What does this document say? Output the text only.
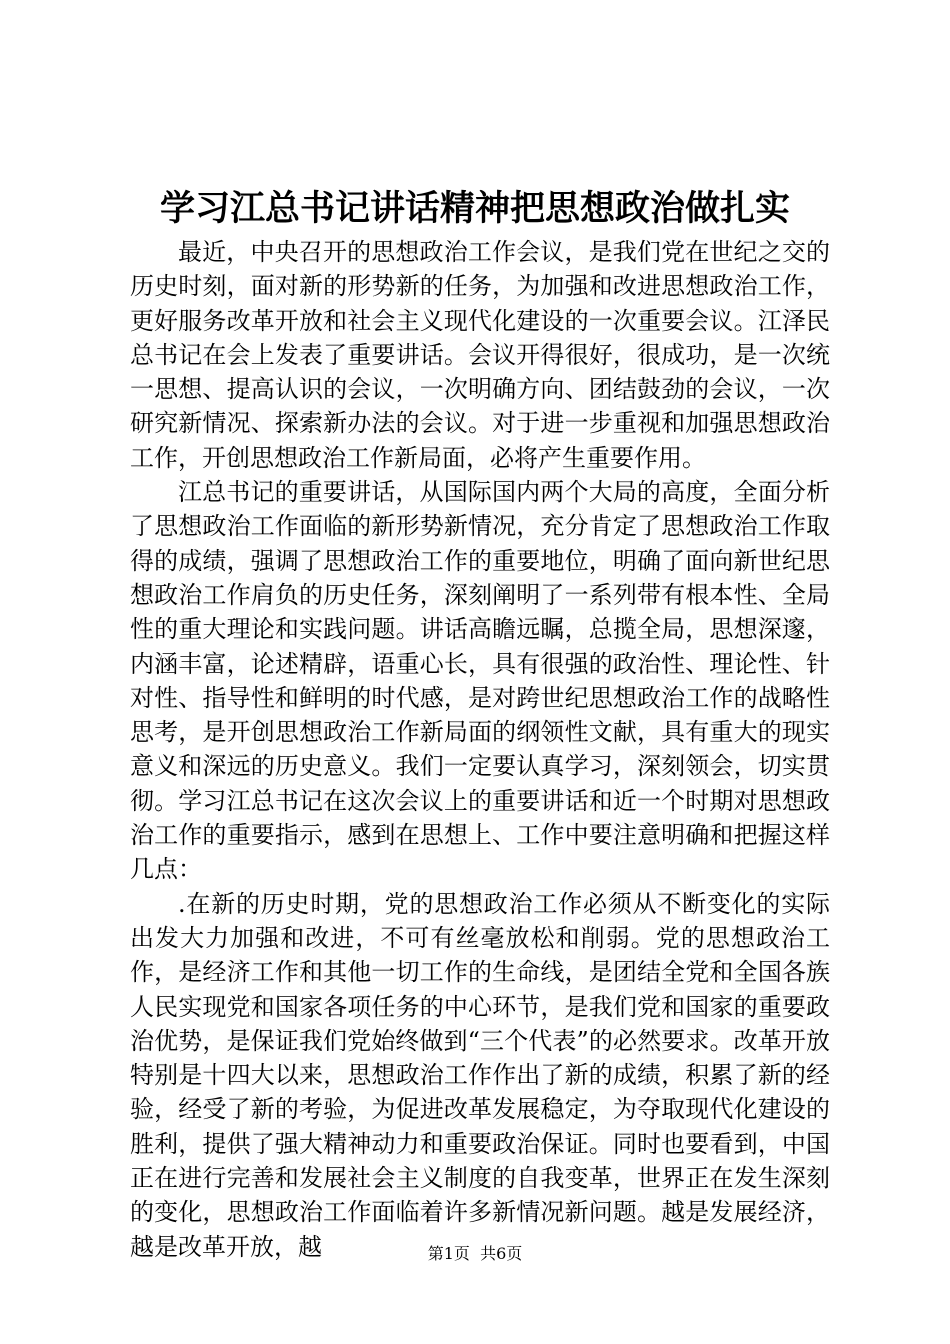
学习江总书记讲话精神把思想政治做扎实

最近，中央召开的思想政治工作会议，是我们党在世纪之交的历史时刻，面对新的形势新的任务，为加强和改进思想政治工作，更好服务改革开放和社会主义现代化建设的一次重要会议。江泽民总书记在会上发表了重要讲话。会议开得很好，很成功，是一次统一思想、提高认识的会议，一次明确方向、团结鼓劲的会议，一次研究新情况、探索新办法的会议。对于进一步重视和加强思想政治工作，开创思想政治工作新局面，必将产生重要作用。

江总书记的重要讲话，从国际国内两个大局的高度，全面分析了思想政治工作面临的新形势新情况，充分肯定了思想政治工作取得的成绩，强调了思想政治工作的重要地位，明确了面向新世纪思想政治工作肩负的历史任务，深刻阐明了一系列带有根本性、全局性的重大理论和实践问题。讲话高瞻远瞩，总揽全局，思想深邃，内涵丰富，论述精辟，语重心长，具有很强的政治性、理论性、针对性、指导性和鲜明的时代感，是对跨世纪思想政治工作的战略性思考，是开创思想政治工作新局面的纲领性文献，具有重大的现实意义和深远的历史意义。我们一定要认真学习，深刻领会，切实贯彻。学习江总书记在这次会议上的重要讲话和近一个时期对思想政治工作的重要指示，感到在思想上、工作中要注意明确和把握这样几点：

.在新的历史时期，党的思想政治工作必须从不断变化的实际出发大力加强和改进，不可有丝毫放松和削弱。党的思想政治工作，是经济工作和其他一切工作的生命线，是团结全党和全国各族人民实现党和国家各项任务的中心环节，是我们党和国家的重要政治优势，是保证我们党始终做到“三个代表”的必然要求。改革开放特别是十四大以来，思想政治工作作出了新的成绩，积累了新的经验，经受了新的考验，为促进改革发展稳定，为夺取现代化建设的胜利，提供了强大精神动力和重要政治保证。同时也要看到，中国正在进行完善和发展社会主义制度的自我变革，世界正在发生深刻的变化，思想政治工作面临着许多新情况新问题。越是发展经济，越是改革开放，越	第1页  共6页
